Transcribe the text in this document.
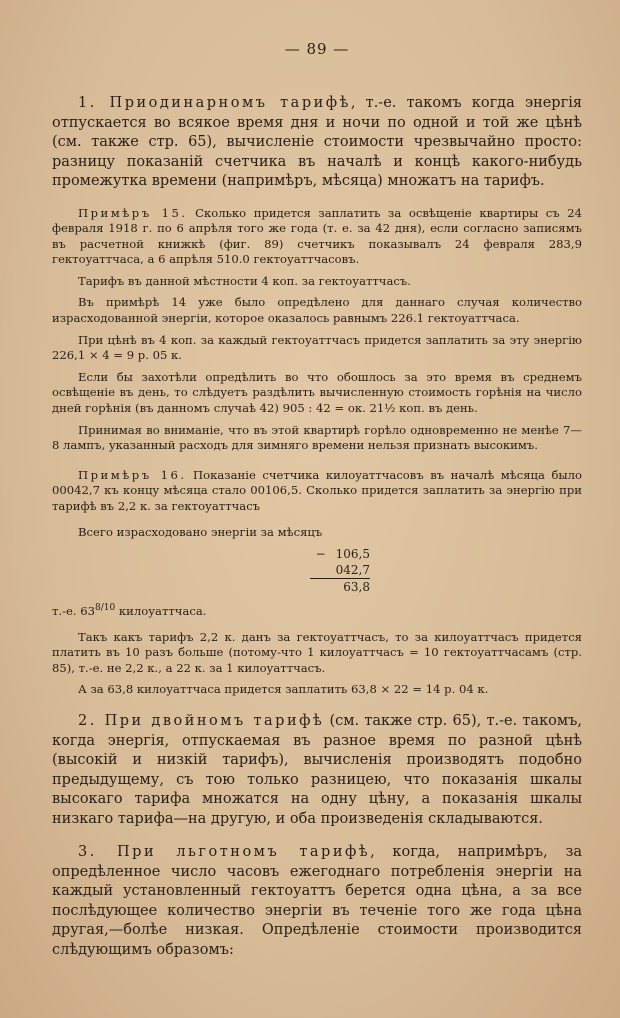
— 89 —

1. Приодинарномъ тарифѣ, т.-е. такомъ когда энергія отпускается во всякое время дня и ночи по одной и той же цѣнѣ (см. также стр. 65), вычисленіе стоимости чрезвычайно просто: разницу показаній счетчика въ началѣ и концѣ какого-нибудь промежутка времени (напримѣръ, мѣсяца) множатъ на тарифъ.

Примѣръ 15. Сколько придется заплатить за освѣщеніе квартиры съ 24 февраля 1918 г. по 6 апрѣля того же года (т. е. за 42 дня), если согласно записямъ въ расчетной книжкѣ (фиг. 89) счетчикъ показывалъ 24 февраля 283,9 гектоуаттчаса, а 6 апрѣля 510.0 гектоуаттчасовъ.

Тарифъ въ данной мѣстности 4 коп. за гектоуаттчасъ.

Въ примѣрѣ 14 уже было опредѣлено для даннаго случая количество израсходованной энергіи, которое оказалось равнымъ 226.1 гектоуаттчаса.

При цѣнѣ въ 4 коп. за каждый гектоуаттчасъ придется заплатить за эту энергію 226,1 × 4 = 9 р. 05 к.

Если бы захотѣли опредѣлить во что обошлось за это время въ среднемъ освѣщеніе въ день, то слѣдуетъ раздѣлить вычисленную стоимость горѣнія на число дней горѣнія (въ данномъ случаѣ 42) 905 : 42 = ок. 21½ коп. въ день.

Принимая во вниманіе, что въ этой квартирѣ горѣло одновременно не менѣе 7—8 лампъ, указанный расходъ для зимняго времени нельзя признать высокимъ.

Примѣръ 16. Показаніе счетчика килоуаттчасовъ въ началѣ мѣсяца было 00042,7 къ концу мѣсяца стало 00106,5. Сколько придется заплатить за энергію при тарифѣ въ 2,2 к. за гектоуаттчасъ

Всего израсходовано энергіи за мѣсяцъ

− 106,5
042,7
63,8

т.-е. $63^{8/10}$ килоуаттчаса.

Такъ какъ тарифъ 2,2 к. данъ за гектоуаттчасъ, то за килоуаттчасъ придется платить въ 10 разъ больше (потому-что 1 килоуаттчасъ = 10 гектоуаттчасамъ (стр. 85), т.-е. не 2,2 к., а 22 к. за 1 килоуаттчасъ.

А за 63,8 килоуаттчаса придется заплатить 63,8 × 22 = 14 р. 04 к.

2. При двойномъ тарифѣ (см. также стр. 65), т.-е. такомъ, когда энергія, отпускаемая въ разное время по разной цѣнѣ (высокій и низкій тарифъ), вычисленія производятъ подобно предыдущему, съ тою только разницею, что показанія шкалы высокаго тарифа множатся на одну цѣну, а показанія шкалы низкаго тарифа—на другую, и оба произведенія складываются.

3. При льготномъ тарифѣ, когда, напримѣръ, за опредѣленное число часовъ ежегоднаго потребленія энергіи на каждый установленный гектоуаттъ берется одна цѣна, а за все послѣдующее количество энергіи въ теченіе того же года цѣна другая,—болѣе низкая. Опредѣленіе стоимости производится слѣдующимъ образомъ:
